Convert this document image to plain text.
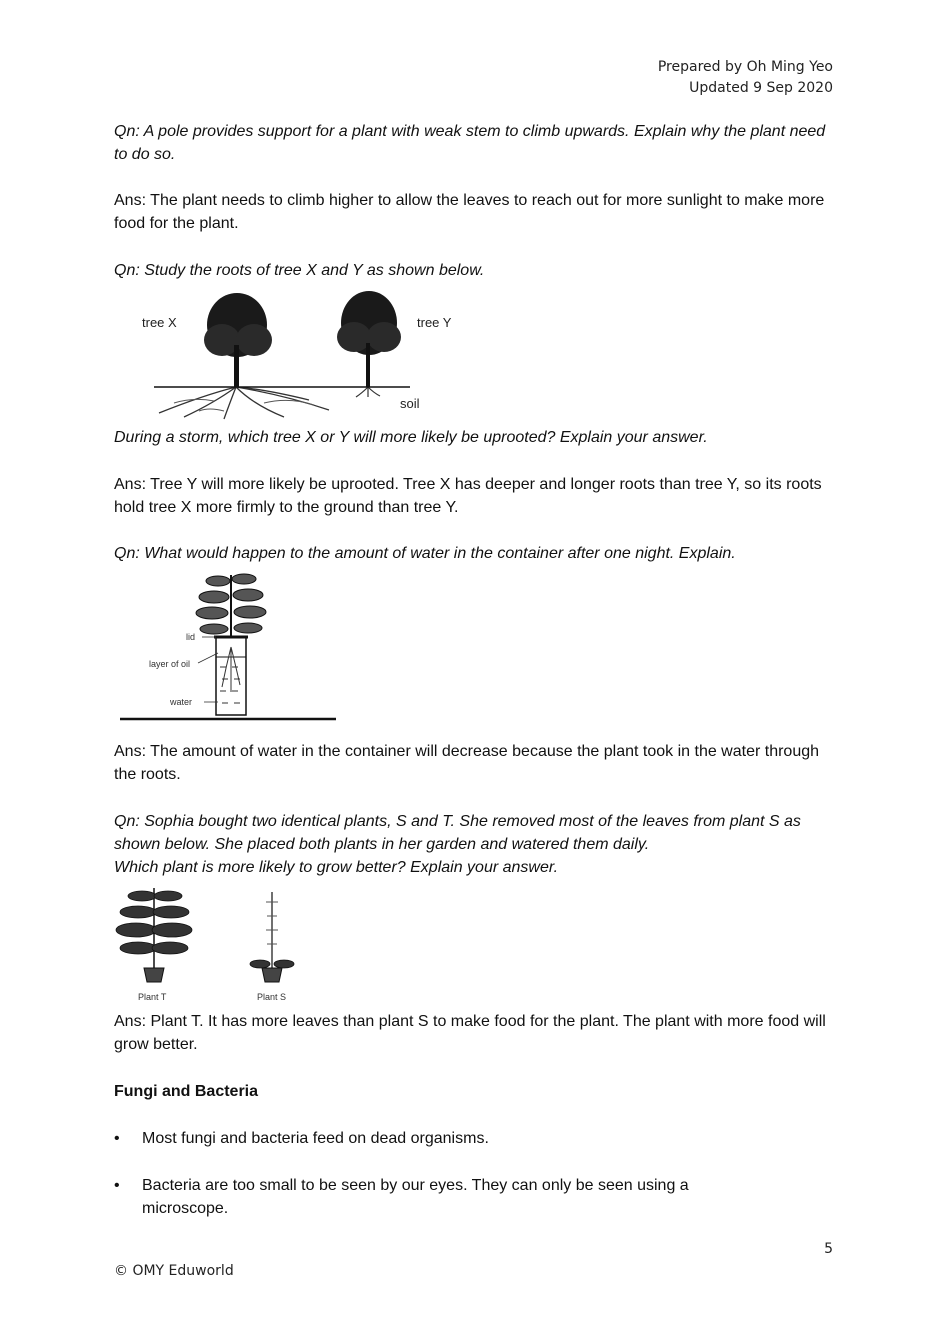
Prepared by Oh Ming Yeo
Updated 9 Sep 2020
Qn: A pole provides support for a plant with weak stem to climb upwards. Explain why the plant need to do so.
Ans: The plant needs to climb higher to allow the leaves to reach out for more sunlight to make more food for the plant.
Qn: Study the roots of tree X and Y as shown below.
tree X	tree Y
soil
During a storm, which tree X or Y will more likely be uprooted? Explain your answer.
Ans: Tree Y will more likely be uprooted. Tree X has deeper and longer roots than tree Y, so its roots hold tree X more firmly to the ground than tree Y.
Qn: What would happen to the amount of water in the container after one night. Explain.
lid
layer of oil
water
Ans: The amount of water in the container will decrease because the plant took in the water through the roots.
Qn: Sophia bought two identical plants, S and T. She removed most of the leaves from plant S as shown below. She placed both plants in her garden and watered them daily.
Which plant is more likely to grow better? Explain your answer.
Plant T	Plant S
Ans: Plant T. It has more leaves than plant S to make food for the plant. The plant with more food will grow better.
Fungi and Bacteria
• Most fungi and bacteria feed on dead organisms.
• Bacteria are too small to be seen by our eyes. They can only be seen using a microscope.
5
© OMY Eduworld
